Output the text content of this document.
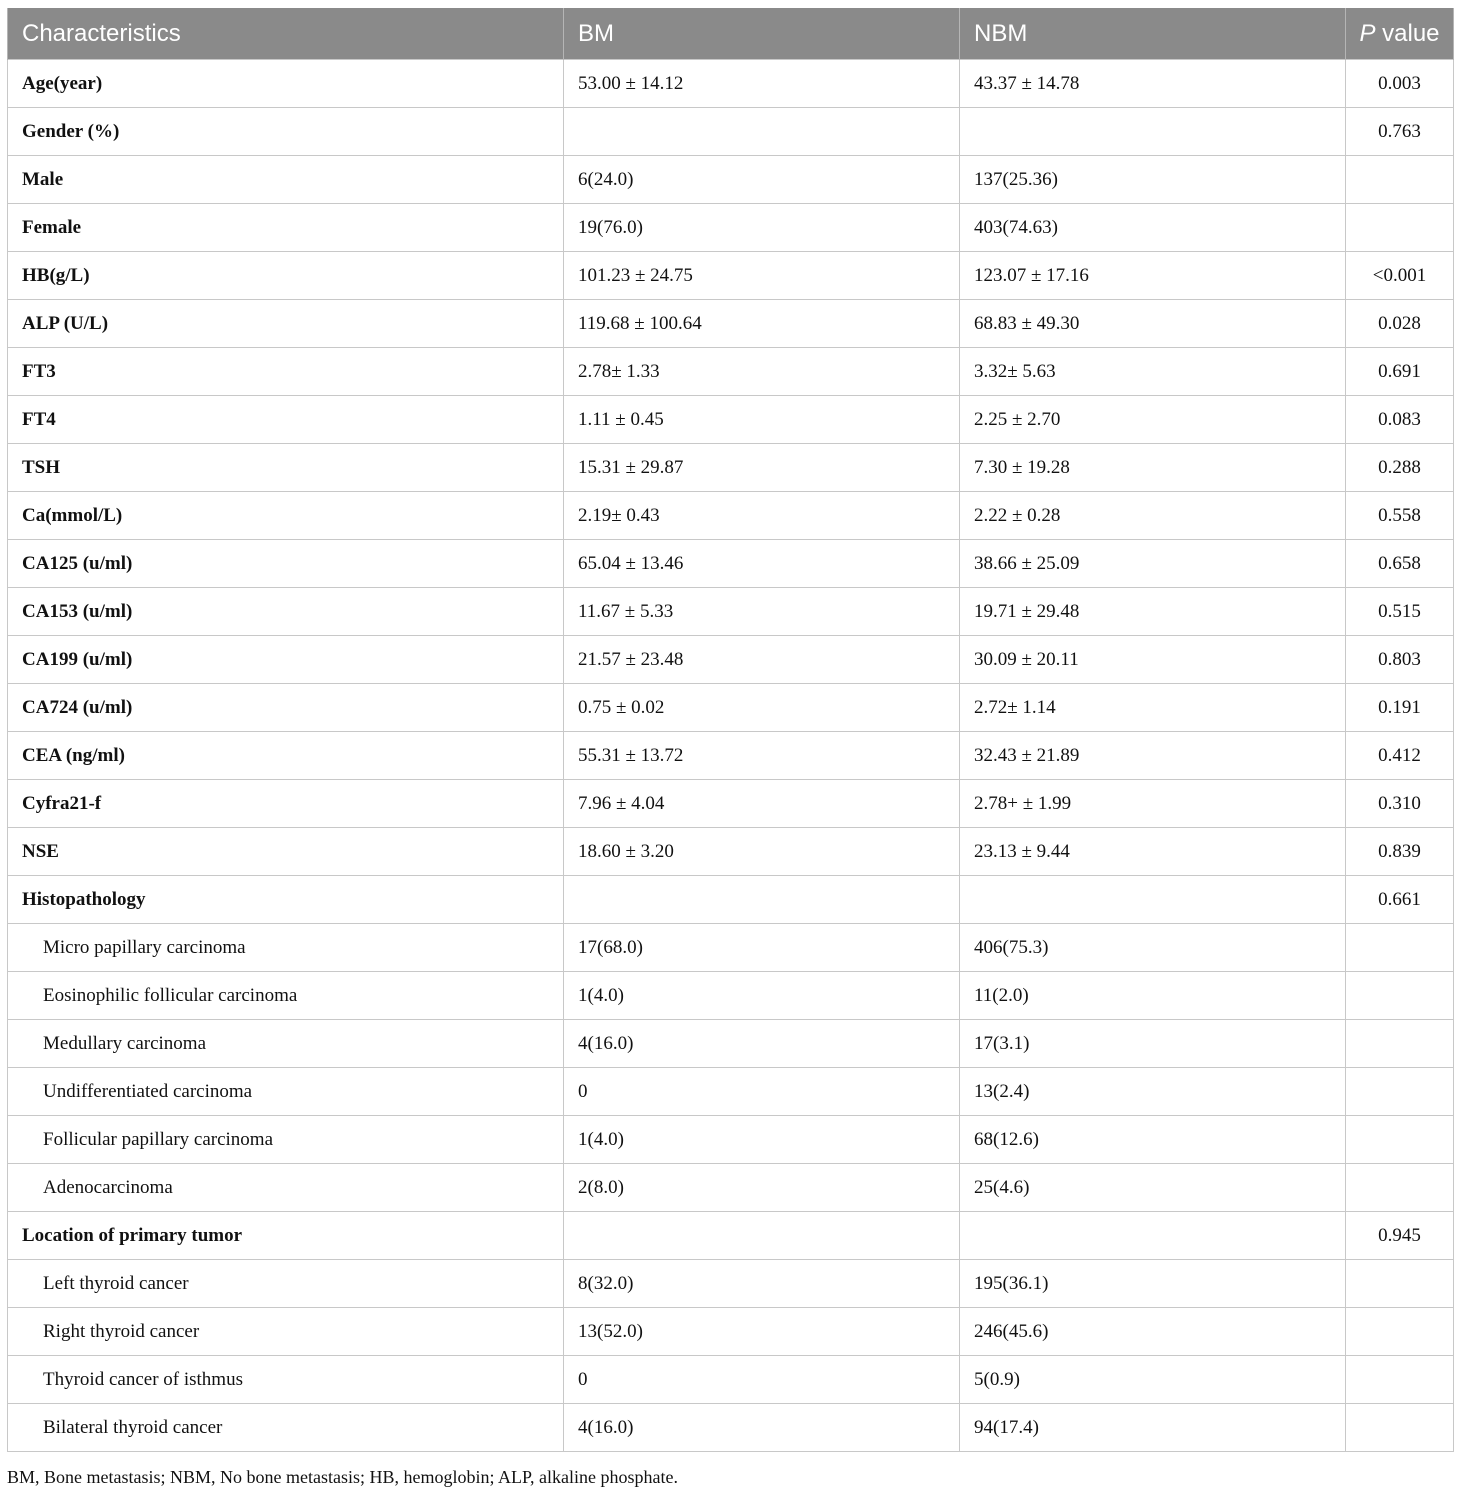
Characteristics	BM	NBM	P value
Age(year)	53.00 ± 14.12	43.37 ± 14.78	0.003
Gender (%)			0.763
Male	6(24.0)	137(25.36)	
Female	19(76.0)	403(74.63)	
HB(g/L)	101.23 ± 24.75	123.07 ± 17.16	<0.001
ALP (U/L)	119.68 ± 100.64	68.83 ± 49.30	0.028
FT3	2.78± 1.33	3.32± 5.63	0.691
FT4	1.11 ± 0.45	2.25 ± 2.70	0.083
TSH	15.31 ± 29.87	7.30 ± 19.28	0.288
Ca(mmol/L)	2.19± 0.43	2.22 ± 0.28	0.558
CA125 (u/ml)	65.04 ± 13.46	38.66 ± 25.09	0.658
CA153 (u/ml)	11.67 ± 5.33	19.71 ± 29.48	0.515
CA199 (u/ml)	21.57 ± 23.48	30.09 ± 20.11	0.803
CA724 (u/ml)	0.75 ± 0.02	2.72± 1.14	0.191
CEA (ng/ml)	55.31 ± 13.72	32.43 ± 21.89	0.412
Cyfra21-f	7.96 ± 4.04	2.78+ ± 1.99	0.310
NSE	18.60 ± 3.20	23.13 ± 9.44	0.839
Histopathology			0.661
Micro papillary carcinoma	17(68.0)	406(75.3)	
Eosinophilic follicular carcinoma	1(4.0)	11(2.0)	
Medullary carcinoma	4(16.0)	17(3.1)	
Undifferentiated carcinoma	0	13(2.4)	
Follicular papillary carcinoma	1(4.0)	68(12.6)	
Adenocarcinoma	2(8.0)	25(4.6)	
Location of primary tumor			0.945
Left thyroid cancer	8(32.0)	195(36.1)	
Right thyroid cancer	13(52.0)	246(45.6)	
Thyroid cancer of isthmus	0	5(0.9)	
Bilateral thyroid cancer	4(16.0)	94(17.4)	
BM, Bone metastasis; NBM, No bone metastasis; HB, hemoglobin; ALP, alkaline phosphate.
